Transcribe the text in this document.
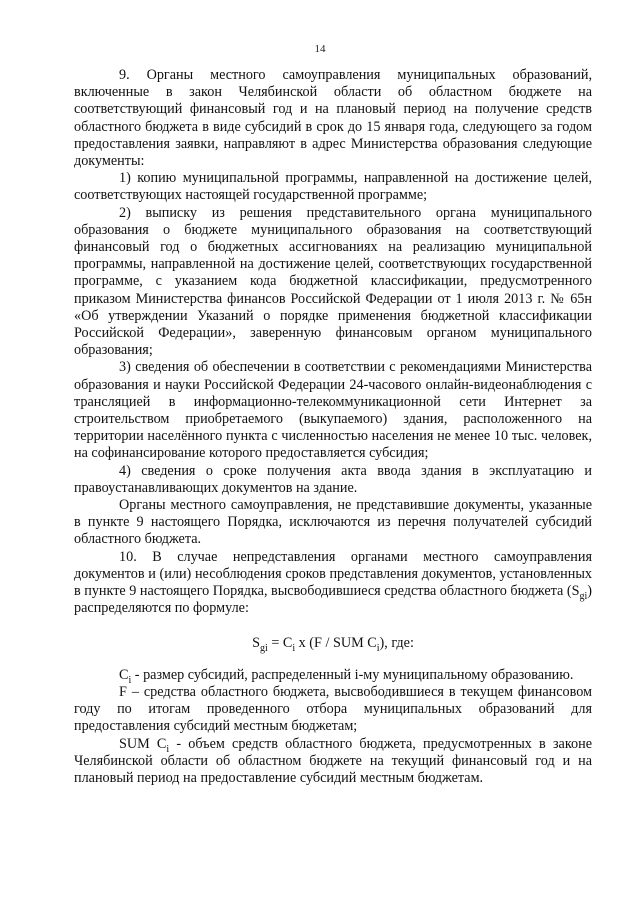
14

9. Органы местного самоуправления муниципальных образований, включенные в закон Челябинской области об областном бюджете на соответствующий финансовый год и на плановый период на получение средств областного бюджета в виде субсидий в срок до 15 января года, следующего за годом предоставления заявки, направляют в адрес Министерства образования следующие документы:

1) копию муниципальной программы, направленной на достижение целей, соответствующих настоящей государственной программе;

2) выписку из решения представительного органа муниципального образования о бюджете муниципального образования на соответствующий финансовый год о бюджетных ассигнованиях на реализацию муниципальной программы, направленной на достижение целей, соответствующих государственной программе, с указанием кода бюджетной классификации, предусмотренного приказом Министерства финансов Российской Федерации от 1 июля 2013 г. № 65н «Об утверждении Указаний о порядке применения бюджетной классификации Российской Федерации», заверенную финансовым органом муниципального образования;

3) сведения об обеспечении в соответствии с рекомендациями Министерства образования и науки Российской Федерации 24-часового онлайн-видеонаблюдения с трансляцией в информационно-телекоммуникационной сети Интернет за строительством приобретаемого (выкупаемого) здания, расположенного на территории населённого пункта с численностью населения не менее 10 тыс. человек, на софинансирование которого предоставляется субсидия;

4) сведения о сроке получения акта ввода здания в эксплуатацию и правоустанавливающих документов на здание.

Органы местного самоуправления, не представившие документы, указанные в пункте 9 настоящего Порядка, исключаются из перечня получателей субсидий областного бюджета.

10. В случае непредставления органами местного самоуправления документов и (или) несоблюдения сроков представления документов, установленных в пункте 9 настоящего Порядка, высвободившиеся средства областного бюджета $(S_{gi})$ распределяются по формуле:

$S_{gi} = C_i$ x (F / SUM $C_i$), где:

$C_i$ - размер субсидий, распределенный i-му муниципальному образованию.

F – средства областного бюджета, высвободившиеся в текущем финансовом году по итогам проведенного отбора муниципальных образований для предоставления субсидий местным бюджетам;

SUM $C_i$ - объем средств областного бюджета, предусмотренных в законе Челябинской области об областном бюджете на текущий финансовый год и на плановый период на предоставление субсидий местным бюджетам.
